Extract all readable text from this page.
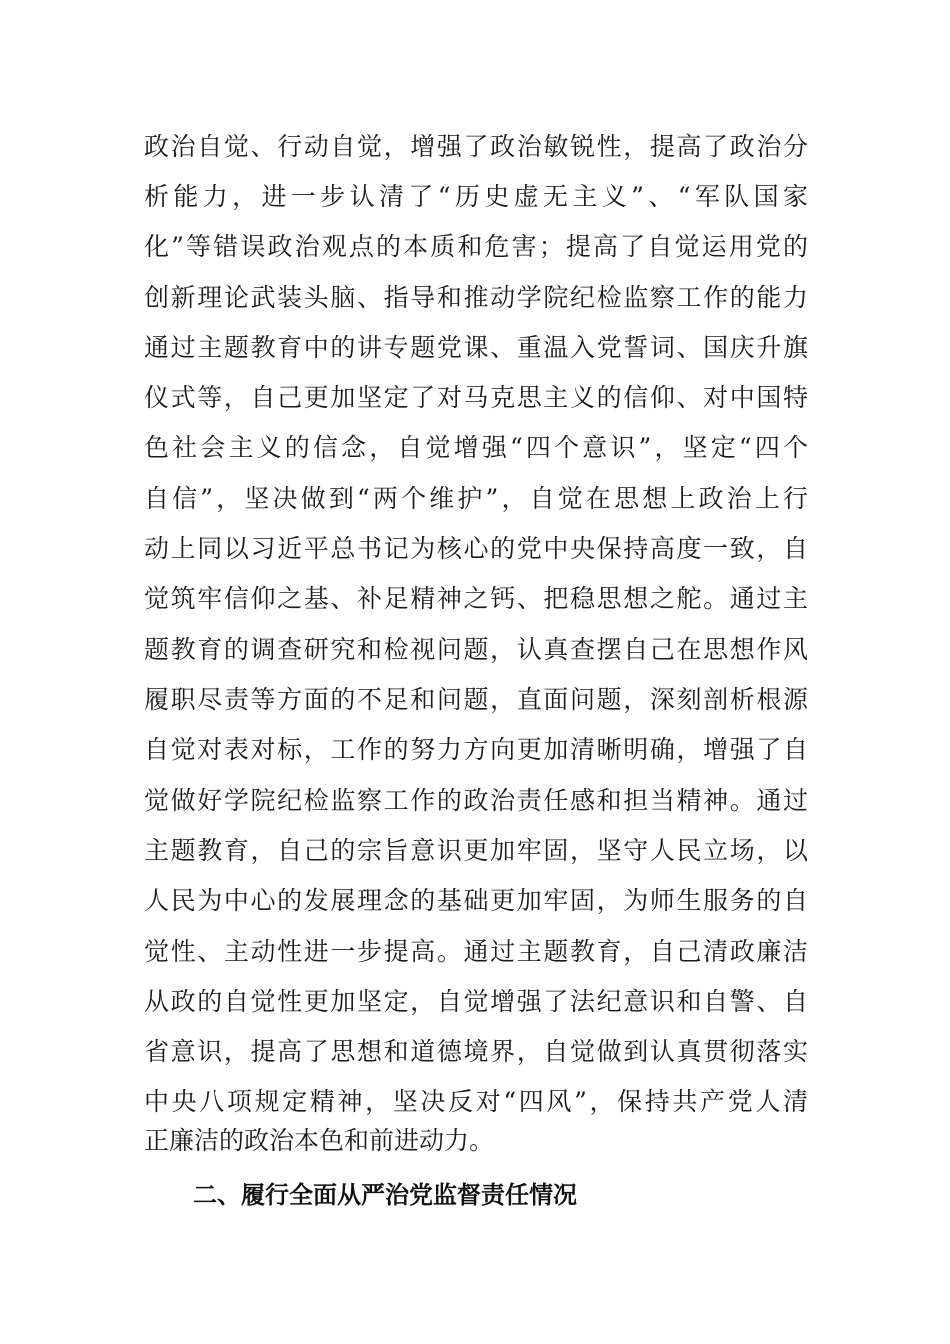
政治自觉、行动自觉，增强了政治敏锐性，提高了政治分
析能力，进一步认清了“历史虚无主义”、“军队国家
化”等错误政治观点的本质和危害；提高了自觉运用党的
创新理论武装头脑、指导和推动学院纪检监察工作的能力
通过主题教育中的讲专题党课、重温入党誓词、国庆升旗
仪式等，自己更加坚定了对马克思主义的信仰、对中国特
色社会主义的信念，自觉增强“四个意识”，坚定“四个
自信”，坚决做到“两个维护”，自觉在思想上政治上行
动上同以习近平总书记为核心的党中央保持高度一致，自
觉筑牢信仰之基、补足精神之钙、把稳思想之舵。通过主
题教育的调查研究和检视问题，认真查摆自己在思想作风
履职尽责等方面的不足和问题，直面问题，深刻剖析根源
自觉对表对标，工作的努力方向更加清晰明确，增强了自
觉做好学院纪检监察工作的政治责任感和担当精神。通过
主题教育，自己的宗旨意识更加牢固，坚守人民立场，以
人民为中心的发展理念的基础更加牢固，为师生服务的自
觉性、主动性进一步提高。通过主题教育，自己清政廉洁
从政的自觉性更加坚定，自觉增强了法纪意识和自警、自
省意识，提高了思想和道德境界，自觉做到认真贯彻落实
中央八项规定精神，坚决反对“四风”，保持共产党人清
正廉洁的政治本色和前进动力。
二、履行全面从严治党监督责任情况
